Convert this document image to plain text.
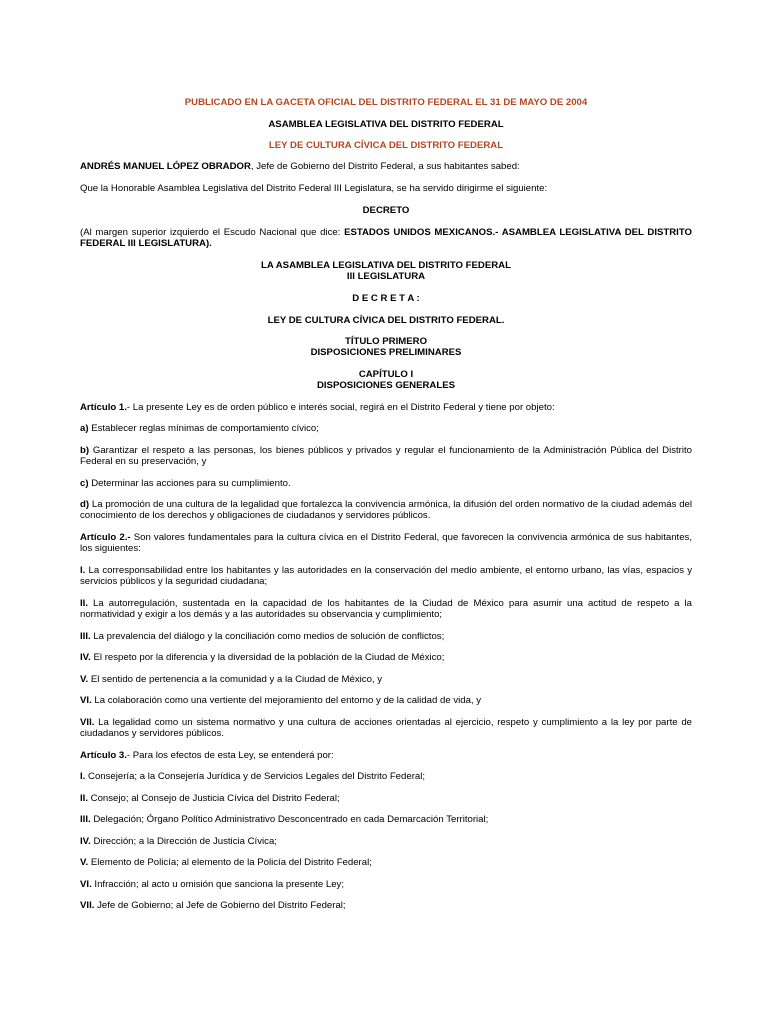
PUBLICADO EN LA GACETA OFICIAL DEL DISTRITO FEDERAL EL 31 DE MAYO DE 2004

ASAMBLEA LEGISLATIVA DEL DISTRITO FEDERAL

LEY DE CULTURA CÍVICA DEL DISTRITO FEDERAL

ANDRÉS MANUEL LÓPEZ OBRADOR, Jefe de Gobierno del Distrito Federal, a sus habitantes sabed:

Que la Honorable Asamblea Legislativa del Distrito Federal III Legislatura, se ha servido dirigirme el siguiente:

DECRETO

(Al margen superior izquierdo el Escudo Nacional que dice: ESTADOS UNIDOS MEXICANOS.- ASAMBLEA LEGISLATIVA DEL DISTRITO FEDERAL III LEGISLATURA).

LA ASAMBLEA LEGISLATIVA DEL DISTRITO FEDERAL
III LEGISLATURA

D E C R E T A :

LEY DE CULTURA CÍVICA DEL DISTRITO FEDERAL.

TÍTULO PRIMERO
DISPOSICIONES PRELIMINARES
CAPÍTULO I
DISPOSICIONES GENERALES

Artículo 1.- La presente Ley es de orden público e interés social, regirá en el Distrito Federal y tiene por objeto:

a) Establecer reglas mínimas de comportamiento cívico;

b) Garantizar el respeto a las personas, los bienes públicos y privados y regular el funcionamiento de la Administración Pública del Distrito Federal en su preservación, y

c) Determinar las acciones para su cumplimiento.

d) La promoción de una cultura de la legalidad que fortalezca la convivencia armónica, la difusión del orden normativo de la ciudad además del conocimiento de los derechos y obligaciones de ciudadanos y servidores públicos.

Artículo 2.- Son valores fundamentales para la cultura cívica en el Distrito Federal, que favorecen la convivencia armónica de sus habitantes, los siguientes:

I. La corresponsabilidad entre los habitantes y las autoridades en la conservación del medio ambiente, el entorno urbano, las vías, espacios y servicios públicos y la seguridad ciudadana;

II. La autorregulación, sustentada en la capacidad de los habitantes de la Ciudad de México para asumir una actitud de respeto a la normatividad y exigir a los demás y a las autoridades su observancia y cumplimiento;

III. La prevalencia del diálogo y la conciliación como medios de solución de conflictos;

IV. El respeto por la diferencia y la diversidad de la población de la Ciudad de México;

V. El sentido de pertenencia a la comunidad y a la Ciudad de México, y

VI. La colaboración como una vertiente del mejoramiento del entorno y de la calidad de vida, y

VII. La legalidad como un sistema normativo y una cultura de acciones orientadas al ejercicio, respeto y cumplimiento a la ley por parte de ciudadanos y servidores públicos.

Artículo 3.- Para los efectos de esta Ley, se entenderá por:

I. Consejería; a la Consejería Jurídica y de Servicios Legales del Distrito Federal;

II. Consejo; al Consejo de Justicia Cívica del Distrito Federal;

III. Delegación; Órgano Político Administrativo Desconcentrado en cada Demarcación Territorial;

IV. Dirección; a la Dirección de Justicia Cívica;

V. Elemento de Policía; al elemento de la Policía del Distrito Federal;

VI. Infracción; al acto u omisión que sanciona la presente Ley;

VII. Jefe de Gobierno; al Jefe de Gobierno del Distrito Federal;
